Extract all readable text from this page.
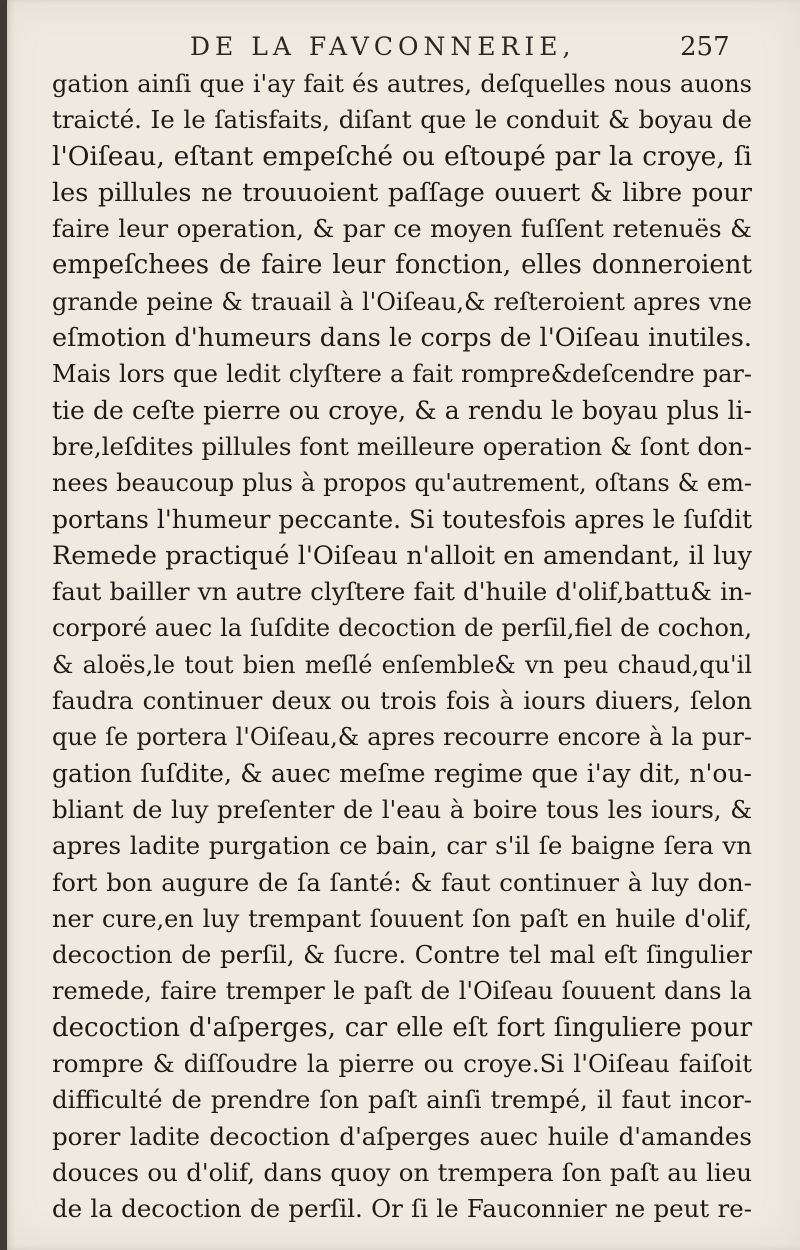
DE LA FAVCONNERIE,	257
gation ainſi que i'ay fait és autres, deſquelles nous auons
traicté. Ie le ſatisfaits, diſant que le conduit & boyau de
l'Oiſeau, eſtant empeſché ou eſtoupé par la croye, ſi
les pillules ne trouuoient paſſage ouuert & libre pour
faire leur operation, & par ce moyen fuſſent retenuës &
empeſchees de faire leur fonction, elles donneroient
grande peine & trauail à l'Oiſeau,& reſteroient apres vne
eſmotion d'humeurs dans le corps de l'Oiſeau inutiles.
Mais lors que ledit clyſtere a fait rompre&deſcendre par-
tie de ceſte pierre ou croye, & a rendu le boyau plus li-
bre,leſdites pillules font meilleure operation & ſont don-
nees beaucoup plus à propos qu'autrement, oſtans & em-
portans l'humeur peccante. Si toutesfois apres le ſuſdit
Remede practiqué l'Oiſeau n'alloit en amendant, il luy
faut bailler vn autre clyſtere fait d'huile d'olif,battu& in-
corporé auec la ſuſdite decoction de perſil,fiel de cochon,
& aloës,le tout bien meſlé enſemble& vn peu chaud,qu'il
faudra continuer deux ou trois fois à iours diuers, ſelon
que ſe portera l'Oiſeau,& apres recourre encore à la pur-
gation ſuſdite, & auec meſme regime que i'ay dit, n'ou-
bliant de luy preſenter de l'eau à boire tous les iours, &
apres ladite purgation ce bain, car s'il ſe baigne ſera vn
fort bon augure de ſa ſanté: & faut continuer à luy don-
ner cure,en luy trempant ſouuent ſon paſt en huile d'olif,
decoction de perſil, & ſucre. Contre tel mal eſt ſingulier
remede, faire tremper le paſt de l'Oiſeau ſouuent dans la
decoction d'aſperges, car elle eſt fort ſinguliere pour
rompre & diſſoudre la pierre ou croye.Si l'Oiſeau faiſoit
difficulté de prendre ſon paſt ainſi trempé, il faut incor-
porer ladite decoction d'aſperges auec huile d'amandes
douces ou d'olif, dans quoy on trempera ſon paſt au lieu
de la decoction de perſil. Or ſi le Fauconnier ne peut re-
